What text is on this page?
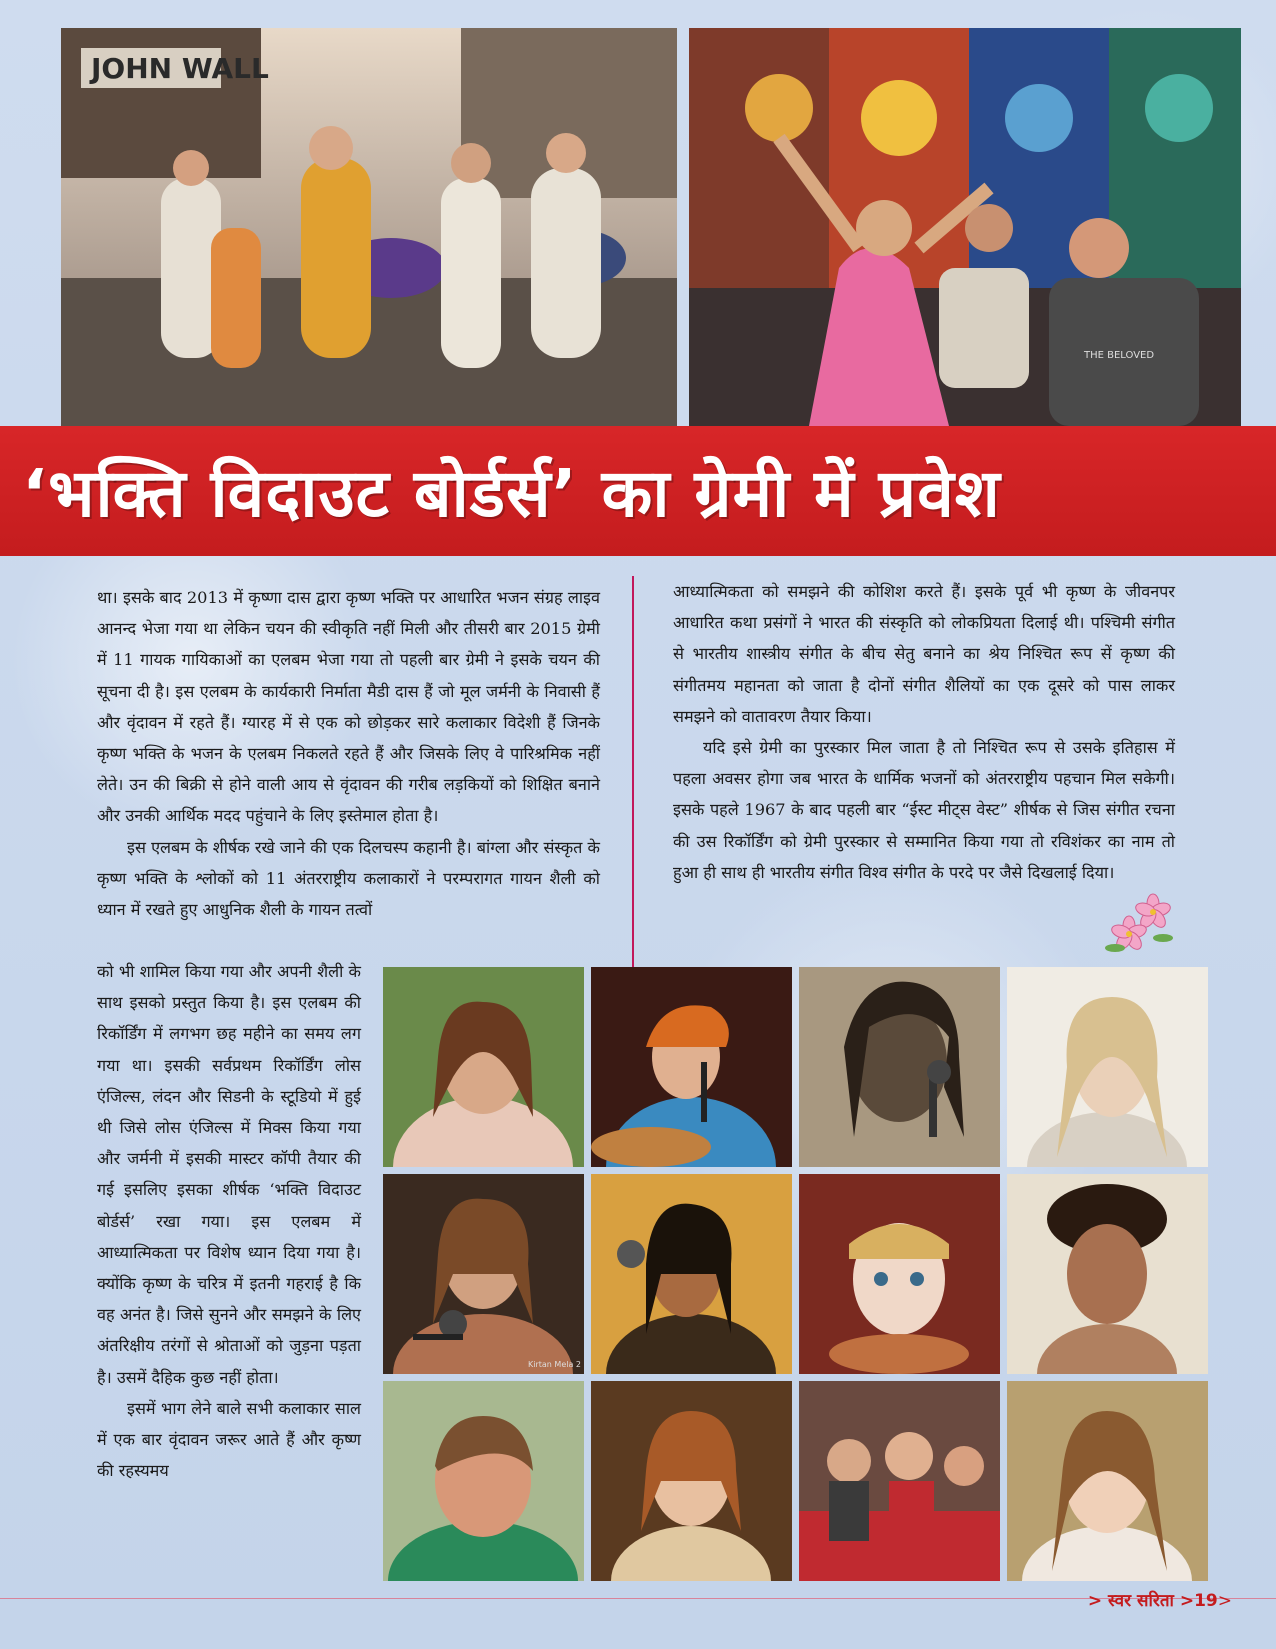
JOHN WALL
THE BELOVED
‘भक्ति विदाउट बोर्डर्स’ का ग्रेमी में प्रवेश

था। इसके बाद 2013 में कृष्णा दास द्वारा कृष्ण भक्ति पर आधारित भजन संग्रह लाइव आनन्द भेजा गया था लेकिन चयन की स्वीकृति नहीं मिली और तीसरी बार 2015 ग्रेमी में 11 गायक गायिकाओं का एलबम भेजा गया तो पहली बार ग्रेमी ने इसके चयन की सूचना दी है। इस एलबम के कार्यकारी निर्माता मैडी दास हैं जो मूल जर्मनी के निवासी हैं और वृंदावन में रहते हैं। ग्यारह में से एक को छोड़कर सारे कलाकार विदेशी हैं जिनके कृष्ण भक्ति के भजन के एलबम निकलते रहते हैं और जिसके लिए वे पारिश्रमिक नहीं लेते। उन की बिक्री से होने वाली आय से वृंदावन की गरीब लड़कियों को शिक्षित बनाने और उनकी आर्थिक मदद पहुंचाने के लिए इस्तेमाल होता है।

इस एलबम के शीर्षक रखे जाने की एक दिलचस्प कहानी है। बांग्ला और संस्कृत के कृष्ण भक्ति के श्लोकों को 11 अंतरराष्ट्रीय कलाकारों ने परम्परागत गायन शैली को ध्यान में रखते हुए आधुनिक शैली के गायन तत्वों

को भी शामिल किया गया और अपनी शैली के साथ इसको प्रस्तुत किया है। इस एलबम की रिकॉर्डिंग में लगभग छह महीने का समय लग गया था। इसकी सर्वप्रथम रिकॉर्डिंग लोस एंजिल्स, लंदन और सिडनी के स्टूडियो में हुई थी जिसे लोस एंजिल्स में मिक्स किया गया और जर्मनी में इसकी मास्टर कॉपी तैयार की गई इसलिए इसका शीर्षक ‘भक्ति विदाउट बोर्डर्स’ रखा गया। इस एलबम में आध्यात्मिकता पर विशेष ध्यान दिया गया है। क्योंकि कृष्ण के चरित्र में इतनी गहराई है कि वह अनंत है। जिसे सुनने और समझने के लिए अंतरिक्षीय तरंगों से श्रोताओं को जुड़ना पड़ता है। उसमें दैहिक कुछ नहीं होता।

इसमें भाग लेने बाले सभी कलाकार साल में एक बार वृंदावन जरूर आते हैं और कृष्ण की रहस्यमय

आध्यात्मिकता को समझने की कोशिश करते हैं। इसके पूर्व भी कृष्ण के जीवनपर आधारित कथा प्रसंगों ने भारत की संस्कृति को लोकप्रियता दिलाई थी। पश्चिमी संगीत से भारतीय शास्त्रीय संगीत के बीच सेतु बनाने का श्रेय निश्चित रूप सें कृष्ण की संगीतमय महानता को जाता है दोनों संगीत शैलियों का एक दूसरे को पास लाकर समझने को वातावरण तैयार किया।

यदि इसे ग्रेमी का पुरस्कार मिल जाता है तो निश्चित रूप से उसके इतिहास में पहला अवसर होगा जब भारत के धार्मिक भजनों को अंतरराष्ट्रीय पहचान मिल सकेगी। इसके पहले 1967 के बाद पहली बार “ईस्ट मीट्स वेस्ट” शीर्षक से जिस संगीत रचना की उस रिकॉर्डिंग को ग्रेमी पुरस्कार से सम्मानित किया गया तो रविशंकर का नाम तो हुआ ही साथ ही भारतीय संगीत विश्व संगीत के परदे पर जैसे दिखलाई दिया।

Kirtan Mela 2
> स्वर सरिता >19>
